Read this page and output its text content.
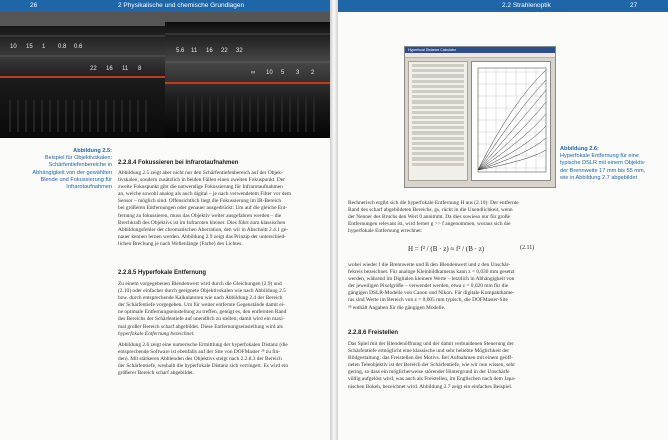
26	2 Physikalische und chemische Grundlagen
10 15 1 0.8 0.6
22 16 11 8
5.6 11 16 22 32
∞ 10 5 3 2
Abbildung 2.5:
Beispiel für Objektivskalen:
Schärfentiefenbereiche in
Abhängigkeit von der gewählten
Blende und Fokussierung für
Infrarotaufnahmen
2.2.8.4 Fokussieren bei Infrarotaufnahmen
Abbildung 2.5 zeigt aber nicht nur den Schärfentiefenbereich auf der Objek-
tivskalen, sondern zusätzlich in beiden Fällen einen zweiten Fokuspunkt. Der
zweite Fokuspunkt gibt die notwendige Fokussierung für Infrarotaufnahmen
an, welche sowohl analog als auch digital – je nach verwendetem Filter vor dem
Sensor – möglich sind. Offensichtlich liegt die Fokussierung im IR-Bereich
bei größeren Entfernungen oder genauer ausgedrückt: Um auf die gleiche Ent-
fernung zu fokussieren, muss das Objektiv weiter ausgefahren werden – die
Brechkraft des Objektivs ist im Infraroten kleiner. Dies führt zum klassischen
Abbildungsfehler der chromatischen Aberration, den wir in Abschnitt 2.4.1 ge-
nauer kennen lernen werden. Abbildung 2.9 zeigt das Prinzip der unterschied-
lichen Brechung je nach Wellenlänge (Farbe) des Lichtes.
2.2.8.5 Hyperfokale Entfernung
Zu einem vorgegebenen Blendenwert wird durch die Gleichungen (2.9) und
(2.10) oder einfacher durch geeignete Objektivskalen wie nach Abbildung 2.5
bzw. durch entsprechende Kalkulatoren wie nach Abbildung 2.4 der Bereich
der Schärfentiefe vorgegeben. Um für weiter entfernte Gegenstände damit ei-
ne optimale Entfernungseinstellung zu treffen, genügt es, den entfernten Rand
des Bereichs der Schärfentiefe auf unendlich zu stellen; damit wird ein maxi-
mal großer Bereich scharf abgebildet. Diese Entfernungseinstellung wird als
hyperfokale Entfernung bezeichnet.
Abbildung 2.6 zeigt eine numerische Ermittlung der hyperfokalen Distanz (die
entsprechende Software ist ebenfalls auf der Site von DOFMaster ²⁸ zu fin-
den). Mit stärkeren Abblenden des Objektivs steigt nach 2.2.8.3 der Bereich
der Schärfentiefe, weshalb die hyperfokale Distanz sich verringert. Es wird ein
größerer Bereich scharf abgebildet.
2.2 Strahlenoptik	27
Hyperfocal Distance Calculator
Abbildung 2.6:
Hyperfokale Entfernung für eine
typische DSLR mit einem Objektiv
der Brennweite 17 mm bis 55 mm,
wie in Abbildung 2.7 abgebildet
Rechnerisch ergibt sich die hyperfokale Entfernung H aus (2.10): Der entfernte
Rand des scharf abgebildeten Bereichs, gₕ, rückt in die Unendlichkeit, wenn
der Nenner des Bruchs den Wert 0 annimmt. Da dies sowieso nur für große
Entfernungen relevant ist, wird ferner g >> f angenommen, woraus sich die
hyperfokale Entfernung errechnet:
H = f² / (B · z) ≈ f² / (B · z)	(2.11)
wobei wieder f die Brennweite und B den Blendenwert und z den Unschär-
fekreis bezeichnet. Für analoge Kleinbildkameras kann z = 0,030 mm gesetzt
werden, während im Digitalen kleinere Werte – letztlich in Abhängigkeit von
der jeweiligen Pixelgröße – verwendet werden, etwa z = 0,020 mm für die
gängigen DSLR-Modelle von Canon und Nikon. Für digitale Kompaktkame-
ras sind Werte im Bereich von z = 0,005 mm typisch, die DOFMaster-Site
²⁸ enthält Angaben für die gängigen Modelle.
2.2.8.6 Freistellen
Das Spiel mit der Blendenöffnung und der damit verbundenen Steuerung der
Schärfentiefe ermöglicht eine klassische und sehr beliebte Möglichkeit der
Bildgestaltung: das Freistellen des Motivs. Bei Aufnahmen mit einem geöff-
neten Teleobjektiv ist der Bereich der Schärfentiefe, wie wir nun wissen, sehr
gering, so dass ein möglicherweise störender Hintergrund in der Unschärfe
völlig aufgelöst wird, was auch als Freistellen, im Englischen nach dem Japa-
nischen Bokeh, bezeichnet wird. Abbildung 2.7 zeigt ein einfaches Beispiel.
